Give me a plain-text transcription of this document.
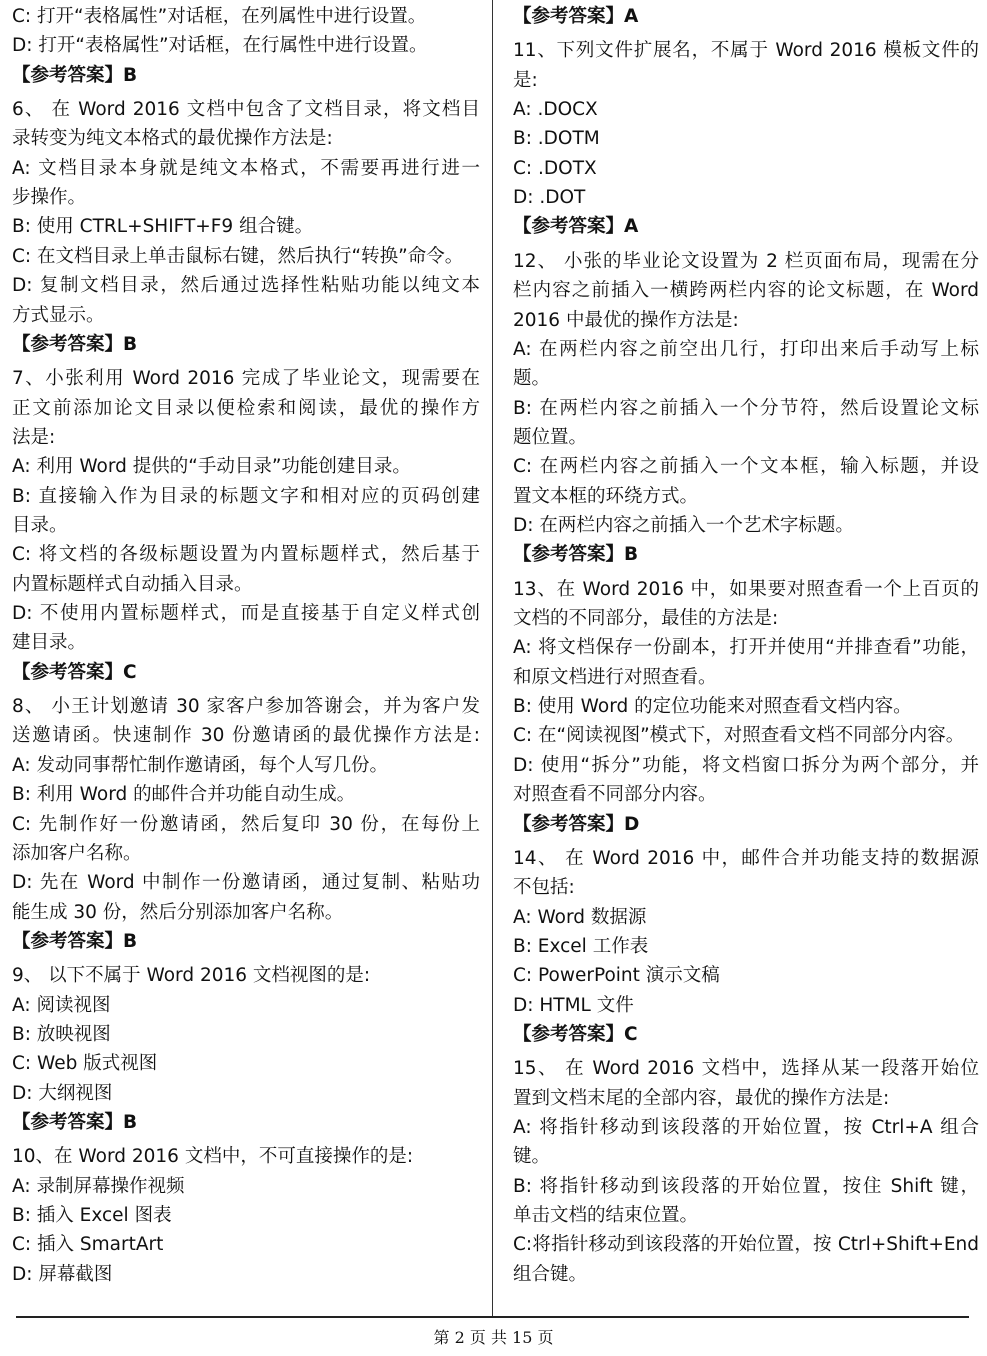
C: 打开“表格属性”对话框，在列属性中进行设置。
D: 打开“表格属性”对话框，在行属性中进行设置。
【参考答案】B
6、 在 Word 2016 文档中包含了文档目录，将文档目
录转变为纯文本格式的最优操作方法是:
A: 文档目录本身就是纯文本格式，不需要再进行进一
步操作。
B: 使用 CTRL+SHIFT+F9 组合键。
C: 在文档目录上单击鼠标右键，然后执行“转换”命令。
D: 复制文档目录，然后通过选择性粘贴功能以纯文本
方式显示。
【参考答案】B
7、小张利用 Word 2016 完成了毕业论文，现需要在
正文前添加论文目录以便检索和阅读，最优的操作方
法是:
A: 利用 Word 提供的“手动目录”功能创建目录。
B: 直接输入作为目录的标题文字和相对应的页码创建
目录。
C: 将文档的各级标题设置为内置标题样式，然后基于
内置标题样式自动插入目录。
D: 不使用内置标题样式，而是直接基于自定义样式创
建目录。
【参考答案】C
8、 小王计划邀请 30 家客户参加答谢会，并为客户发
送邀请函。快速制作 30 份邀请函的最优操作方法是:
A: 发动同事帮忙制作邀请函，每个人写几份。
B: 利用 Word 的邮件合并功能自动生成。
C: 先制作好一份邀请函，然后复印 30 份，在每份上
添加客户名称。
D: 先在 Word 中制作一份邀请函，通过复制、粘贴功
能生成 30 份，然后分别添加客户名称。
【参考答案】B
9、 以下不属于 Word 2016 文档视图的是:
A: 阅读视图
B: 放映视图
C: Web 版式视图
D: 大纲视图
【参考答案】B
10、在 Word 2016 文档中，不可直接操作的是:
A: 录制屏幕操作视频
B: 插入 Excel 图表
C: 插入 SmartArt
D: 屏幕截图
【参考答案】A
11、下列文件扩展名，不属于 Word 2016 模板文件的
是:
A: .DOCX
B: .DOTM
C: .DOTX
D: .DOT
【参考答案】A
12、 小张的毕业论文设置为 2 栏页面布局，现需在分
栏内容之前插入一横跨两栏内容的论文标题，在 Word
2016 中最优的操作方法是:
A: 在两栏内容之前空出几行，打印出来后手动写上标
题。
B: 在两栏内容之前插入一个分节符，然后设置论文标
题位置。
C: 在两栏内容之前插入一个文本框，输入标题，并设
置文本框的环绕方式。
D: 在两栏内容之前插入一个艺术字标题。
【参考答案】B
13、在 Word 2016 中，如果要对照查看一个上百页的
文档的不同部分，最佳的方法是:
A: 将文档保存一份副本，打开并使用“并排查看”功能，
和原文档进行对照查看。
B: 使用 Word 的定位功能来对照查看文档内容。
C: 在“阅读视图”模式下，对照查看文档不同部分内容。
D: 使用“拆分”功能，将文档窗口拆分为两个部分，并
对照查看不同部分内容。
【参考答案】D
14、 在 Word 2016 中，邮件合并功能支持的数据源
不包括:
A: Word 数据源
B: Excel 工作表
C: PowerPoint 演示文稿
D: HTML 文件
【参考答案】C
15、 在 Word 2016 文档中，选择从某一段落开始位
置到文档末尾的全部内容，最优的操作方法是:
A: 将指针移动到该段落的开始位置，按 Ctrl+A 组合
键。
B: 将指针移动到该段落的开始位置，按住 Shift 键，
单击文档的结束位置。
C:将指针移动到该段落的开始位置，按 Ctrl+Shift+End
组合键。
第 2 页 共 15 页
